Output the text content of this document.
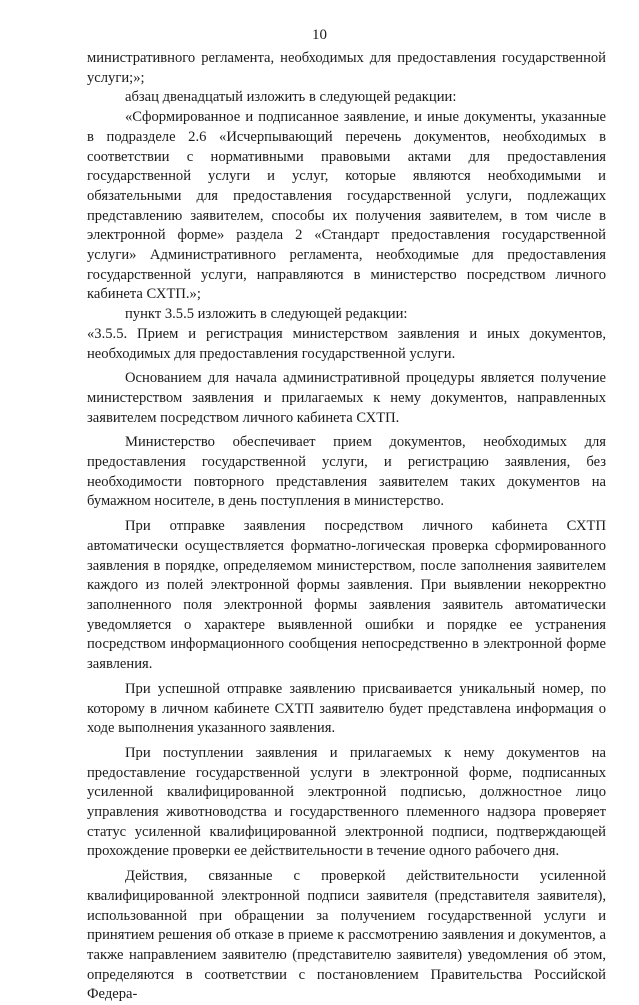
10

министративного регламента, необходимых для предоставления государственной услуги;»;

абзац двенадцатый изложить в следующей редакции:

«Сформированное и подписанное заявление, и иные документы, указанные в подразделе 2.6 «Исчерпывающий перечень документов, необходимых в соответствии с нормативными правовыми актами для предоставления государственной услуги и услуг, которые являются необходимыми и обязательными для предоставления государственной услуги, подлежащих представлению заявителем, способы их получения заявителем, в том числе в электронной форме» раздела 2 «Стандарт предоставления государственной услуги» Административного регламента, необходимые для предоставления государственной услуги, направляются в министерство посредством личного кабинета СХТП.»;

пункт 3.5.5 изложить в следующей редакции:

«3.5.5. Прием и регистрация министерством заявления и иных документов, необходимых для предоставления государственной услуги.

Основанием для начала административной процедуры является получение министерством заявления и прилагаемых к нему документов, направленных заявителем посредством личного кабинета СХТП.

Министерство обеспечивает прием документов, необходимых для предоставления государственной услуги, и регистрацию заявления, без необходимости повторного представления заявителем таких документов на бумажном носителе, в день поступления в министерство.

При отправке заявления посредством личного кабинета СХТП автоматически осуществляется форматно-логическая проверка сформированного заявления в порядке, определяемом министерством, после заполнения заявителем каждого из полей электронной формы заявления. При выявлении некорректно заполненного поля электронной формы заявления заявитель автоматически уведомляется о характере выявленной ошибки и порядке ее устранения посредством информационного сообщения непосредственно в электронной форме заявления.

При успешной отправке заявлению присваивается уникальный номер, по которому в личном кабинете СХТП заявителю будет представлена информация о ходе выполнения указанного заявления.

При поступлении заявления и прилагаемых к нему документов на предоставление государственной услуги в электронной форме, подписанных усиленной квалифицированной электронной подписью, должностное лицо управления животноводства и государственного племенного надзора проверяет статус усиленной квалифицированной электронной подписи, подтверждающей прохождение проверки ее действительности в течение одного рабочего дня.

Действия, связанные с проверкой действительности усиленной квалифицированной электронной подписи заявителя (представителя заявителя), использованной при обращении за получением государственной услуги и принятием решения об отказе в приеме к рассмотрению заявления и документов, а также направлением заявителю (представителю заявителя) уведомления об этом, определяются в соответствии с постановлением Правительства Российской Федера-
